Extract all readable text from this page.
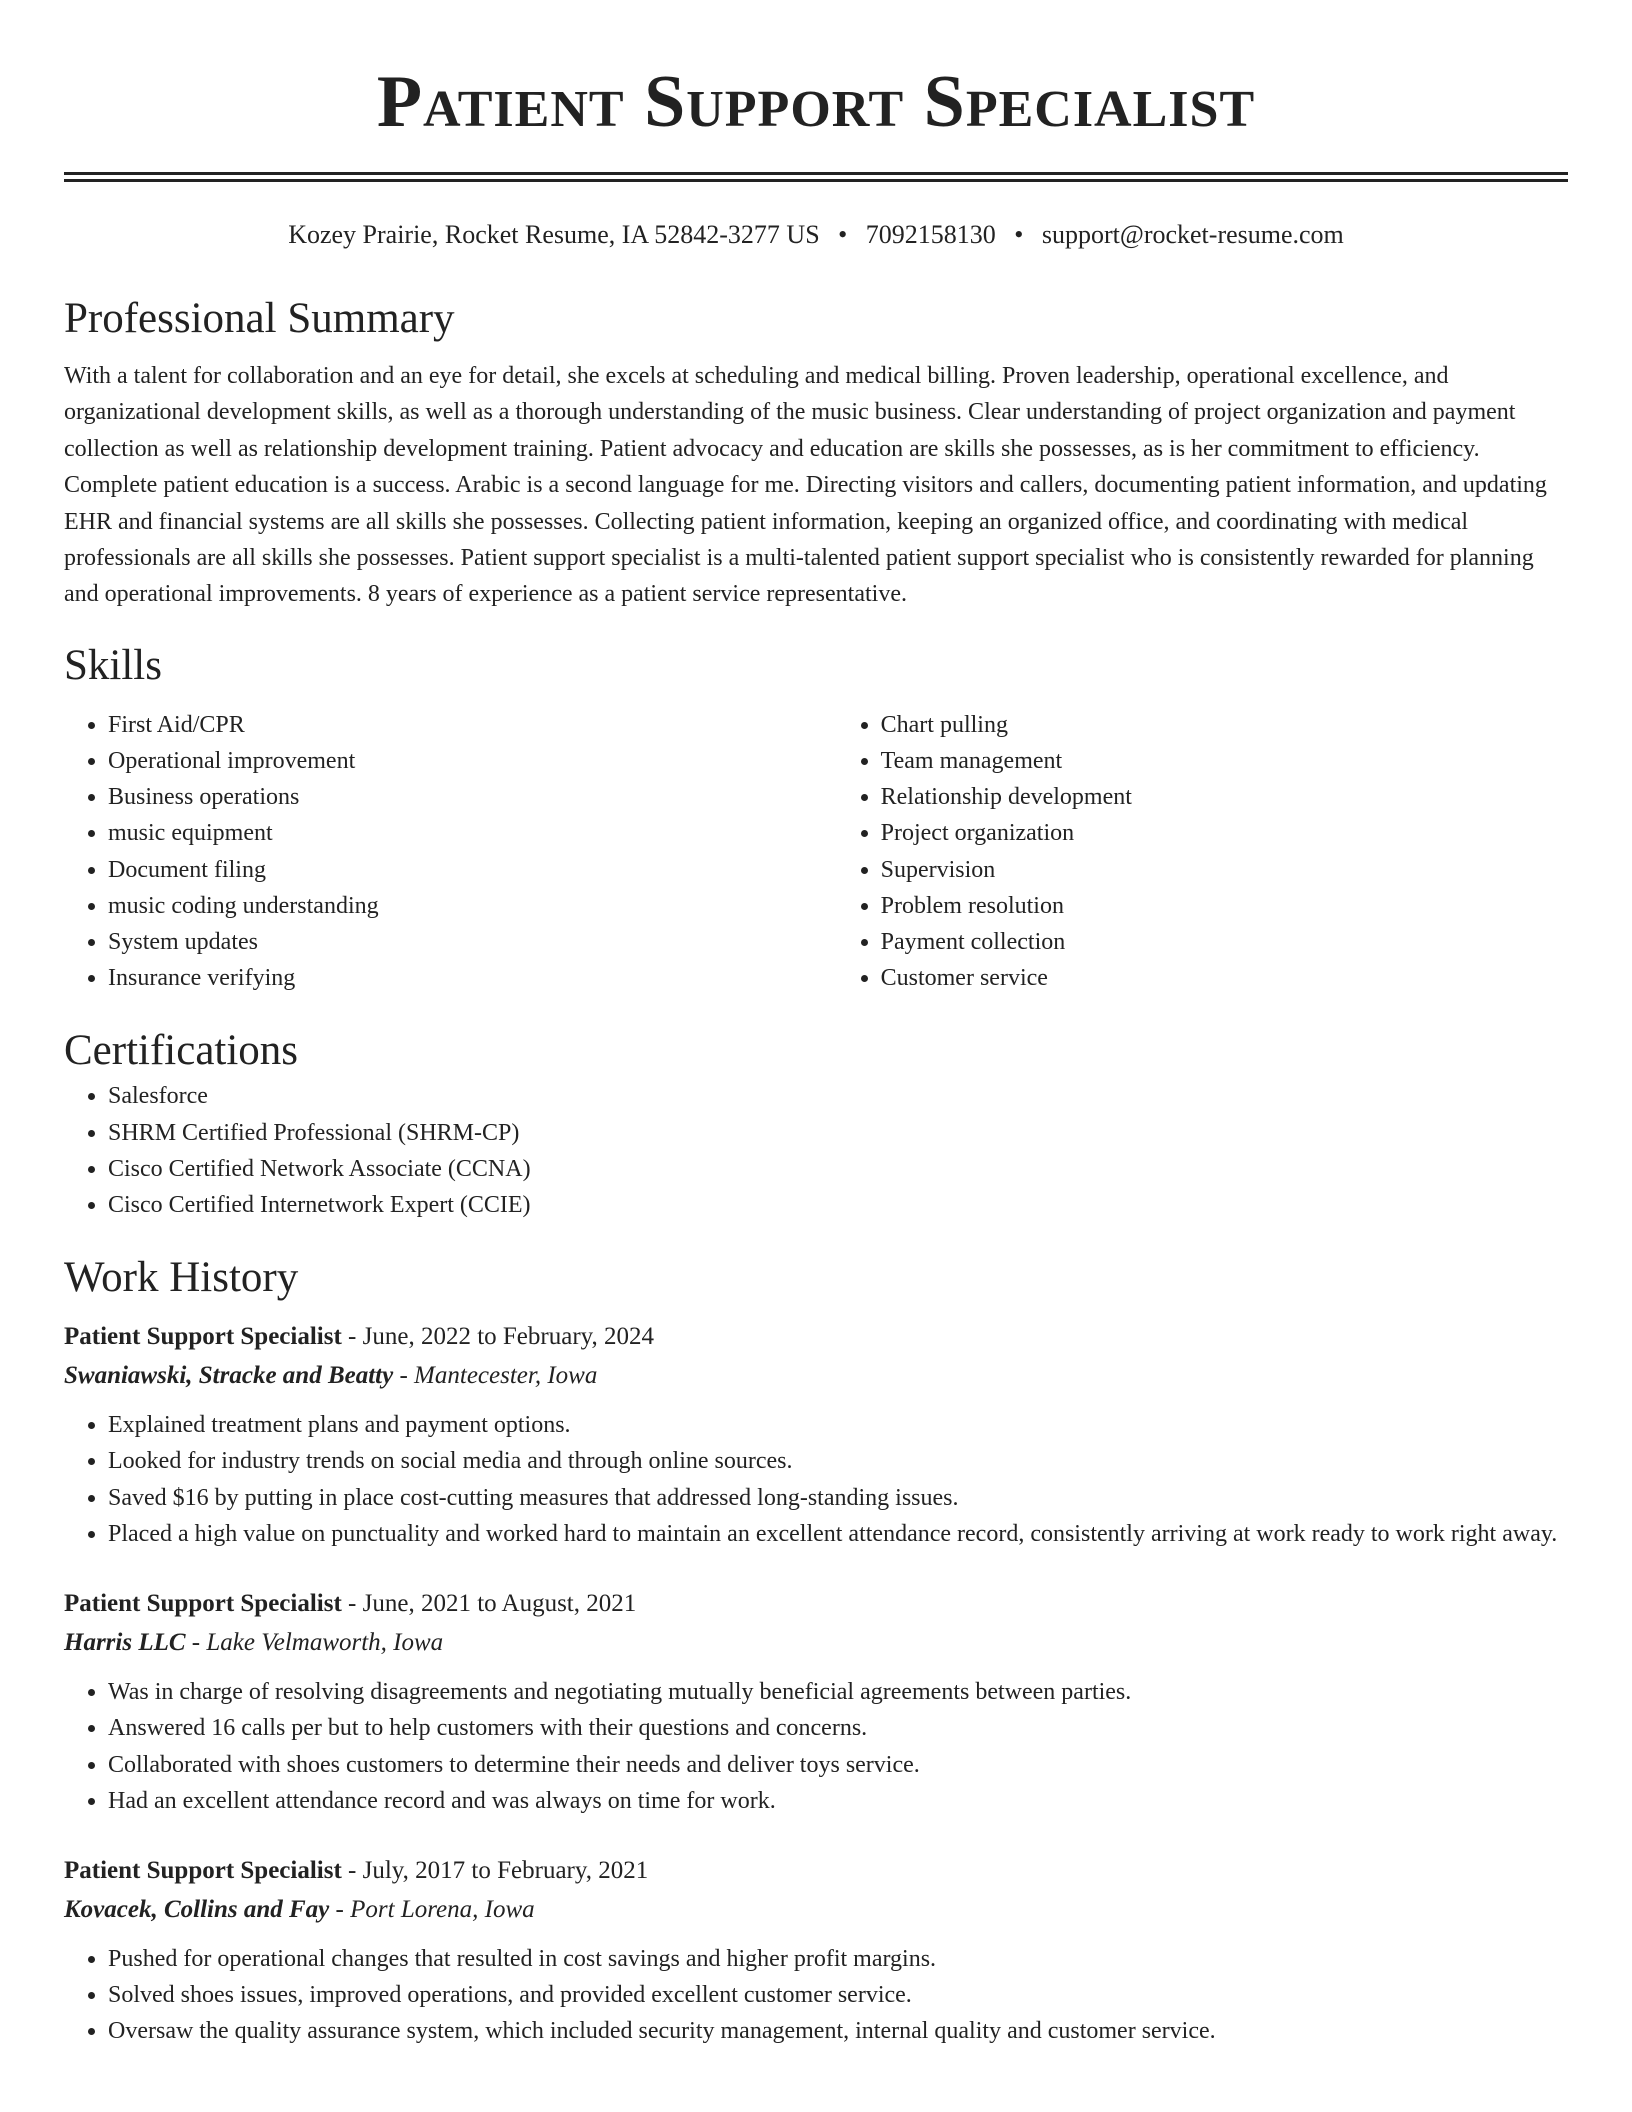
Patient Support Specialist
Kozey Prairie, Rocket Resume, IA 52842-3277 US • 7092158130 • support@rocket-resume.com
Professional Summary

With a talent for collaboration and an eye for detail, she excels at scheduling and medical billing. Proven leadership, operational excellence, and organizational development skills, as well as a thorough understanding of the music business. Clear understanding of project organization and payment collection as well as relationship development training. Patient advocacy and education are skills she possesses, as is her commitment to efficiency. Complete patient education is a success. Arabic is a second language for me. Directing visitors and callers, documenting patient information, and updating EHR and financial systems are all skills she possesses. Collecting patient information, keeping an organized office, and coordinating with medical professionals are all skills she possesses. Patient support specialist is a multi-talented patient support specialist who is consistently rewarded for planning and operational improvements. 8 years of experience as a patient service representative.

Skills
• First Aid/CPR
• Operational improvement
• Business operations
• music equipment
• Document filing
• music coding understanding
• System updates
• Insurance verifying
• Chart pulling
• Team management
• Relationship development
• Project organization
• Supervision
• Problem resolution
• Payment collection
• Customer service
Certifications
• Salesforce
• SHRM Certified Professional (SHRM-CP)
• Cisco Certified Network Associate (CCNA)
• Cisco Certified Internetwork Expert (CCIE)
Work History
Patient Support Specialist - June, 2022 to February, 2024
Swaniawski, Stracke and Beatty - Mantecester, Iowa
• Explained treatment plans and payment options.
• Looked for industry trends on social media and through online sources.
• Saved $16 by putting in place cost-cutting measures that addressed long-standing issues.
• Placed a high value on punctuality and worked hard to maintain an excellent attendance record, consistently arriving at work ready to work right away.
Patient Support Specialist - June, 2021 to August, 2021
Harris LLC - Lake Velmaworth, Iowa
• Was in charge of resolving disagreements and negotiating mutually beneficial agreements between parties.
• Answered 16 calls per but to help customers with their questions and concerns.
• Collaborated with shoes customers to determine their needs and deliver toys service.
• Had an excellent attendance record and was always on time for work.
Patient Support Specialist - July, 2017 to February, 2021
Kovacek, Collins and Fay - Port Lorena, Iowa
• Pushed for operational changes that resulted in cost savings and higher profit margins.
• Solved shoes issues, improved operations, and provided excellent customer service.
• Oversaw the quality assurance system, which included security management, internal quality and customer service.
